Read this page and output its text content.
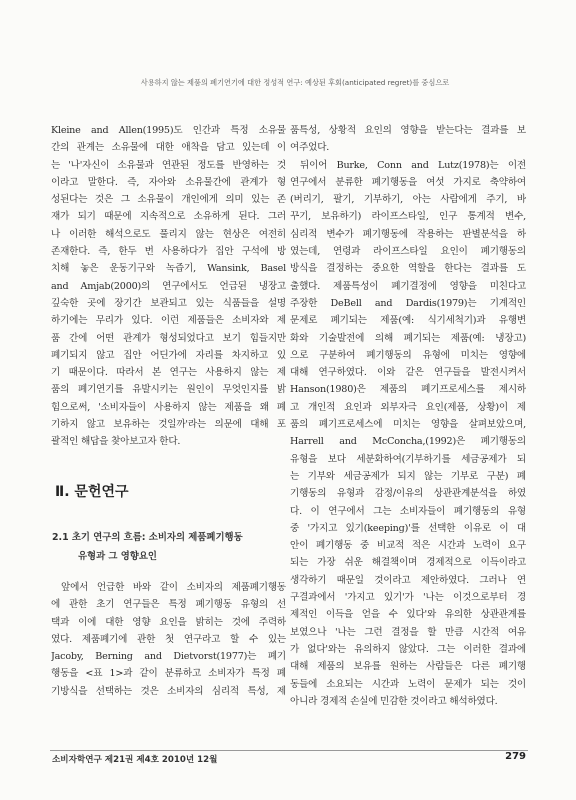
사용하지 않는 제품의 폐기연기에 대한 정성적 연구: 예상된 후회(anticipated regret)를 중심으로
Kleine and Allen(1995)도 인간과 특정 소유물
간의 관계는 소유물에 대한 애착을 담고 있는데 이
는 '나'자신이 소유물과 연관된 정도를 반영하는 것
이라고 말한다. 즉, 자아와 소유물간에 관계가 형
성된다는 것은 그 소유물이 개인에게 의미 있는 존
재가 되기 때문에 지속적으로 소유하게 된다. 그러
나 이러한 해석으로도 풀리지 않는 현상은 여전히
존재한다. 즉, 한두 번 사용하다가 집안 구석에 방
치해 놓은 운동기구와 녹즙기, Wansink, Basel
and Amjab(2000)의 연구에서도 언급된 냉장고
깊숙한 곳에 장기간 보관되고 있는 식품들을 설명
하기에는 무리가 있다. 이런 제품들은 소비자와 제
품 간에 어떤 관계가 형성되었다고 보기 힘들지만
폐기되지 않고 집안 어딘가에 자리를 차지하고 있
기 때문이다. 따라서 본 연구는 사용하지 않는 제
품의 폐기연기를 유발시키는 원인이 무엇인지를 밝
힘으로써, '소비자들이 사용하지 않는 제품을 왜 폐
기하지 않고 보유하는 것일까'라는 의문에 대해 포
괄적인 해답을 찾아보고자 한다.
Ⅱ. 문헌연구
2.1 초기 연구의 흐름: 소비자의 제품폐기행동
유형과 그 영향요인
앞에서 언급한 바와 같이 소비자의 제품폐기행동
에 관한 초기 연구들은 특정 폐기행동 유형의 선
택과 이에 대한 영향 요인을 밝히는 것에 주력하
였다. 제품폐기에 관한 첫 연구라고 할 수 있는
Jacoby, Berning and Dietvorst(1977)는 폐기
행동을 <표 1>과 같이 분류하고 소비자가 특정 폐
기방식을 선택하는 것은 소비자의 심리적 특성, 제
품특성, 상황적 요인의 영향을 받는다는 결과를 보
여주었다.
뒤이어 Burke, Conn and Lutz(1978)는 이전
연구에서 분류한 폐기행동을 여섯 가지로 축약하여
(버리기, 팔기, 기부하기, 아는 사람에게 주기, 바
꾸기, 보유하기) 라이프스타일, 인구 통계적 변수,
심리적 변수가 폐기행동에 작용하는 판별분석을 하
였는데, 연령과 라이프스타일 요인이 폐기행동의
방식을 결정하는 중요한 역할을 한다는 결과를 도
출했다. 제품특성이 폐기결정에 영향을 미친다고
주장한 DeBell and Dardis(1979)는 기계적인
문제로 폐기되는 제품(예: 식기세척기)과 유행변
화와 기술발전에 의해 폐기되는 제품(예: 냉장고)
으로 구분하여 폐기행동의 유형에 미치는 영향에
대해 연구하였다. 이와 같은 연구들을 발전시켜서
Hanson(1980)은 제품의 폐기프로세스를 제시하
고 개인적 요인과 외부자극 요인(제품, 상황)이 제
품의 폐기프로세스에 미치는 영향을 살펴보았으며,
Harrell and McConcha,(1992)은 폐기행동의
유형을 보다 세분화하여(기부하기를 세금공제가 되
는 기부와 세금공제가 되지 않는 기부로 구분) 폐
기행동의 유형과 감정/이유의 상관관계분석을 하였
다. 이 연구에서 그는 소비자들이 폐기행동의 유형
중 '가지고 있기(keeping)'를 선택한 이유로 이 대
안이 폐기행동 중 비교적 적은 시간과 노력이 요구
되는 가장 쉬운 해결책이며 경제적으로 이득이라고
생각하기 때문일 것이라고 제안하였다. 그러나 연
구결과에서 '가지고 있기'가 '나는 이것으로부터 경
제적인 이득을 얻을 수 있다'와 유의한 상관관계를
보였으나 '나는 그런 결정을 할 만큼 시간적 여유
가 없다'와는 유의하지 않았다. 그는 이러한 결과에
대해 제품의 보유를 원하는 사람들은 다른 폐기행
동들에 소요되는 시간과 노력이 문제가 되는 것이
아니라 경제적 손실에 민감한 것이라고 해석하였다.
소비자학연구 제21권 제4호 2010년 12월	279
